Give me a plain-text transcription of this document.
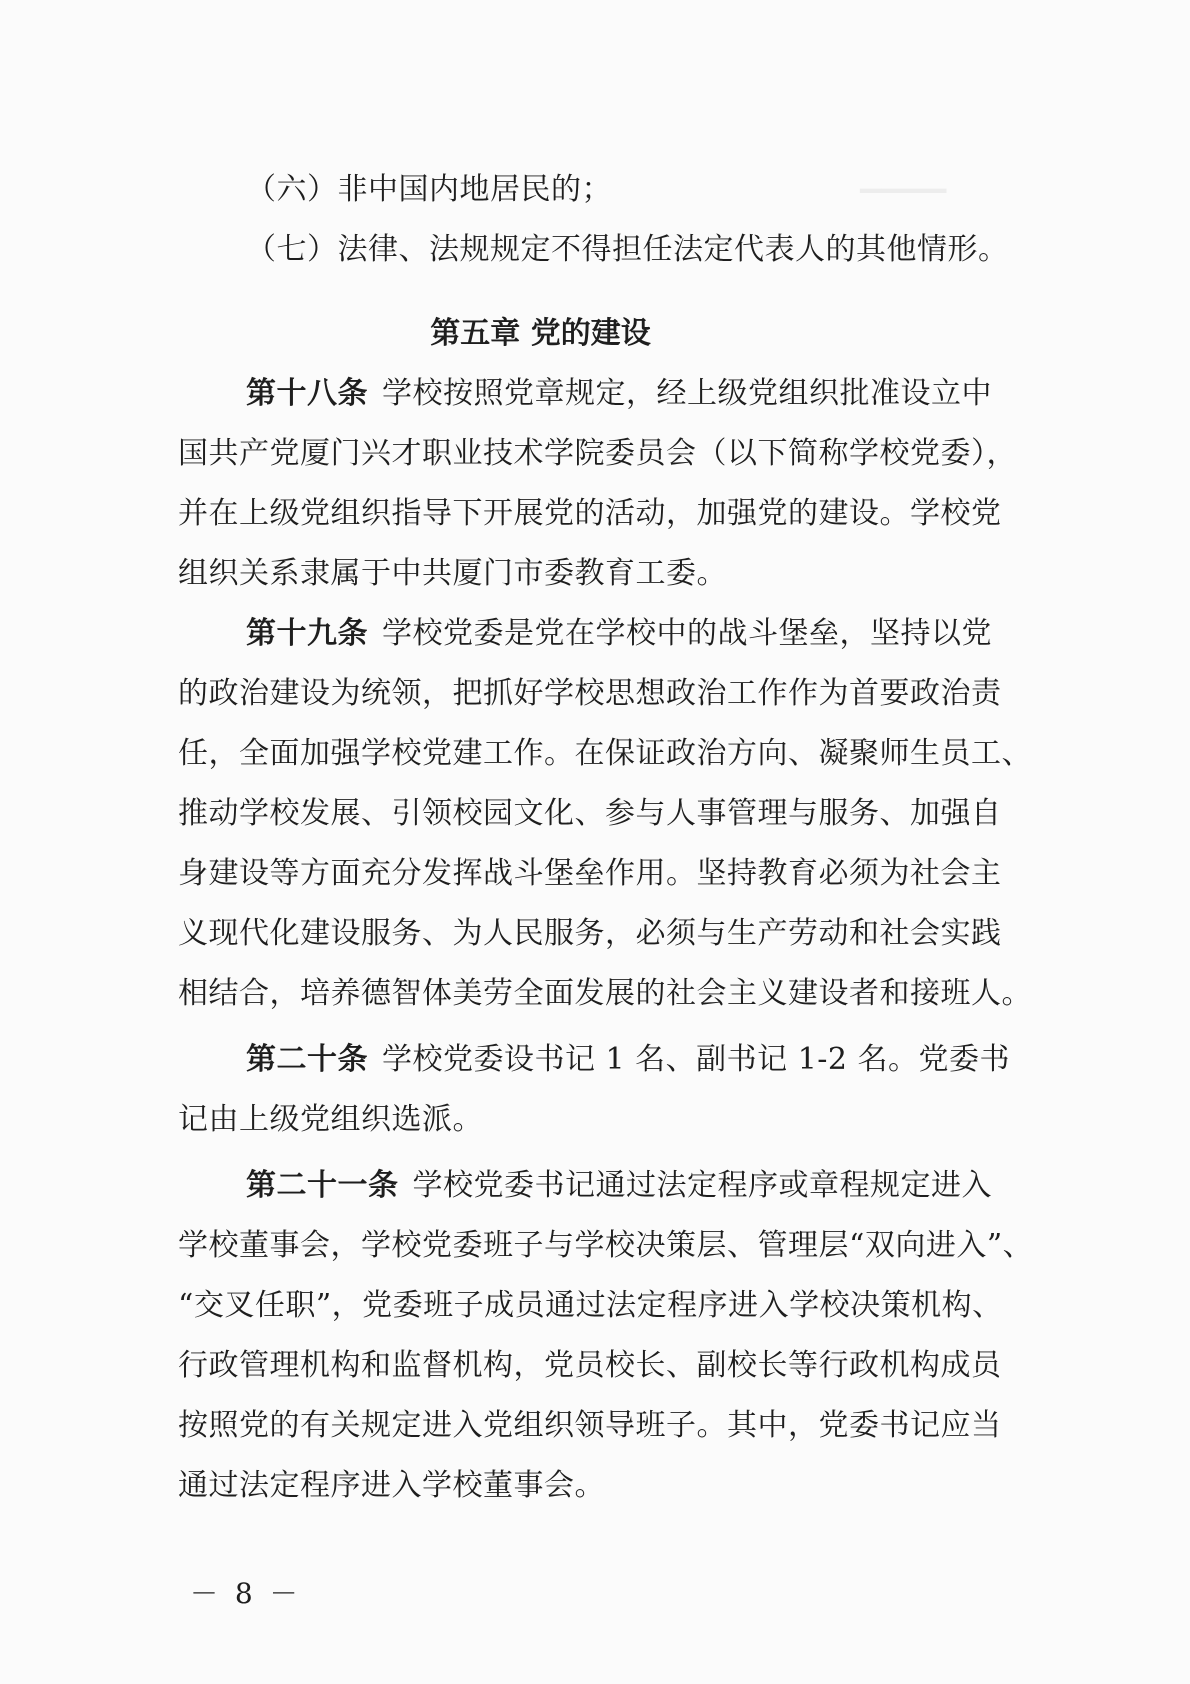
▁▁▁▁
（六）非中国内地居民的；
（七）法律、法规规定不得担任法定代表人的其他情形。
第五章 党的建设
第十八条 学校按照党章规定，经上级党组织批准设立中
国共产党厦门兴才职业技术学院委员会（以下简称学校党委），
并在上级党组织指导下开展党的活动，加强党的建设。学校党
组织关系隶属于中共厦门市委教育工委。
第十九条 学校党委是党在学校中的战斗堡垒，坚持以党
的政治建设为统领，把抓好学校思想政治工作作为首要政治责
任，全面加强学校党建工作。在保证政治方向、凝聚师生员工、
推动学校发展、引领校园文化、参与人事管理与服务、加强自
身建设等方面充分发挥战斗堡垒作用。坚持教育必须为社会主
义现代化建设服务、为人民服务，必须与生产劳动和社会实践
相结合，培养德智体美劳全面发展的社会主义建设者和接班人。
第二十条 学校党委设书记 1 名、副书记 1-2 名。党委书
记由上级党组织选派。
第二十一条 学校党委书记通过法定程序或章程规定进入
学校董事会，学校党委班子与学校决策层、管理层“双向进入”、
“交叉任职”，党委班子成员通过法定程序进入学校决策机构、
行政管理机构和监督机构，党员校长、副校长等行政机构成员
按照党的有关规定进入党组织领导班子。其中，党委书记应当
通过法定程序进入学校董事会。
－ 8 －
